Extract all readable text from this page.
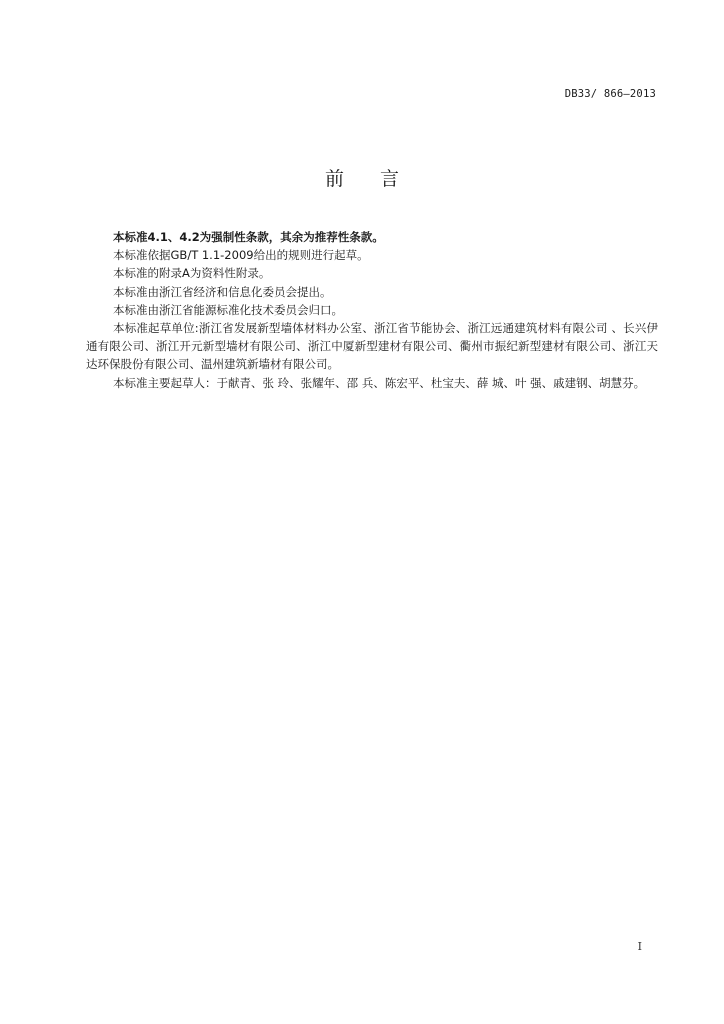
DB33/ 866—2013
前 言

本标准4.1、4.2为强制性条款，其余为推荐性条款。

本标准依据GB/T 1.1-2009给出的规则进行起草。

本标准的附录A为资料性附录。

本标准由浙江省经济和信息化委员会提出。

本标准由浙江省能源标准化技术委员会归口。

本标准起草单位:浙江省发展新型墙体材料办公室、浙江省节能协会、浙江远通建筑材料有限公司 、长兴伊通有限公司、浙江开元新型墙材有限公司、浙江中厦新型建材有限公司、衢州市振纪新型建材有限公司、浙江天达环保股份有限公司、温州建筑新墙材有限公司。

本标准主要起草人：于献青、张 玲、张耀年、邵 兵、陈宏平、杜宝夫、薛 城、叶 强、戚建钢、胡慧芬。

I
